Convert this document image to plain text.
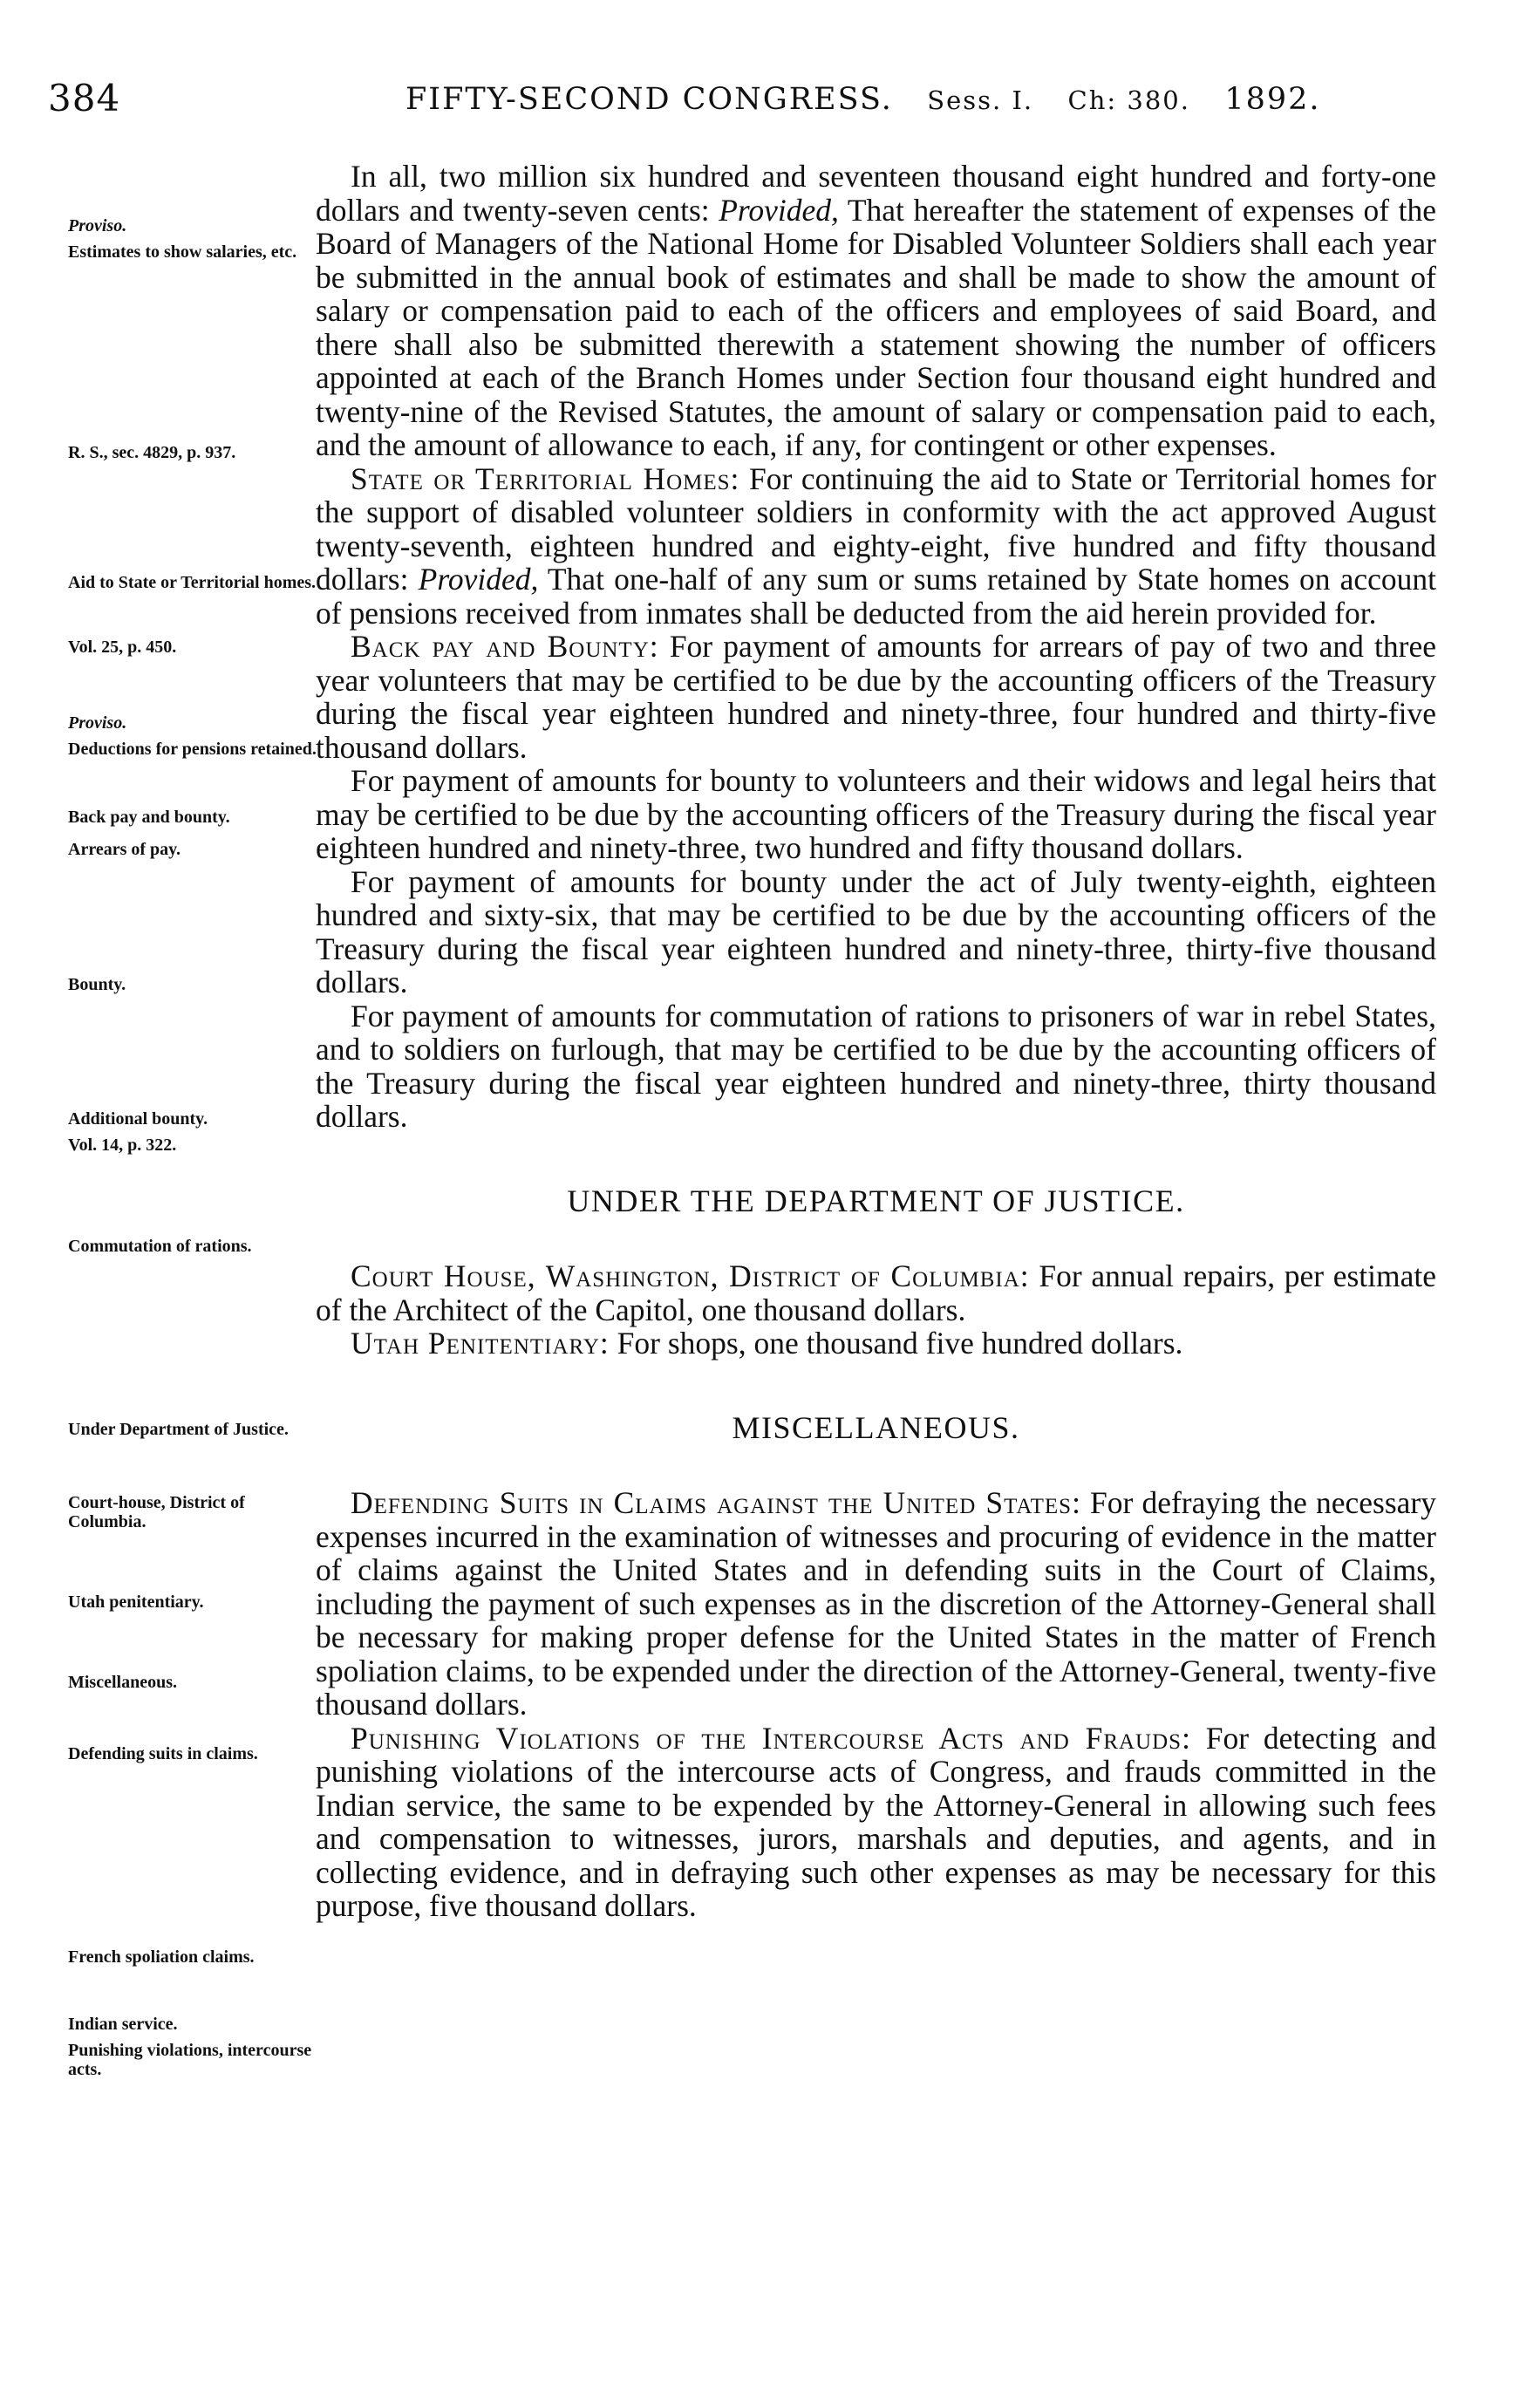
384	FIFTY-SECOND CONGRESS. Sess. I. Ch: 380. 1892.
Proviso.
Estimates to show salaries, etc.
R. S., sec. 4829, p. 937.
Aid to State or Territorial homes.
Vol. 25, p. 450.
Proviso.
Deductions for pensions retained.
Back pay and bounty.
Arrears of pay.
Bounty.
Additional bounty.
Vol. 14, p. 322.
Commutation of rations.
Under Department of Justice.
Court-house, District of Columbia.
Utah penitentiary.
Miscellaneous.
Defending suits in claims.
French spoliation claims.
Indian service.
Punishing violations, intercourse acts.

In all, two million six hundred and seventeen thousand eight hundred and forty-one dollars and twenty-seven cents: Provided, That hereafter the statement of expenses of the Board of Managers of the National Home for Disabled Volunteer Soldiers shall each year be submitted in the annual book of estimates and shall be made to show the amount of salary or compensation paid to each of the officers and employees of said Board, and there shall also be submitted therewith a statement showing the number of officers appointed at each of the Branch Homes under Section four thousand eight hundred and twenty-nine of the Revised Statutes, the amount of salary or compensation paid to each, and the amount of allowance to each, if any, for contingent or other expenses.

State or Territorial Homes: For continuing the aid to State or Territorial homes for the support of disabled volunteer soldiers in conformity with the act approved August twenty-seventh, eighteen hundred and eighty-eight, five hundred and fifty thousand dollars: Provided, That one-half of any sum or sums retained by State homes on account of pensions received from inmates shall be deducted from the aid herein provided for.

Back pay and Bounty: For payment of amounts for arrears of pay of two and three year volunteers that may be certified to be due by the accounting officers of the Treasury during the fiscal year eighteen hundred and ninety-three, four hundred and thirty-five thousand dollars.

For payment of amounts for bounty to volunteers and their widows and legal heirs that may be certified to be due by the accounting officers of the Treasury during the fiscal year eighteen hundred and ninety-three, two hundred and fifty thousand dollars.

For payment of amounts for bounty under the act of July twenty-eighth, eighteen hundred and sixty-six, that may be certified to be due by the accounting officers of the Treasury during the fiscal year eighteen hundred and ninety-three, thirty-five thousand dollars.

For payment of amounts for commutation of rations to prisoners of war in rebel States, and to soldiers on furlough, that may be certified to be due by the accounting officers of the Treasury during the fiscal year eighteen hundred and ninety-three, thirty thousand dollars.

UNDER THE DEPARTMENT OF JUSTICE.

Court House, Washington, District of Columbia: For annual repairs, per estimate of the Architect of the Capitol, one thousand dollars.

Utah Penitentiary: For shops, one thousand five hundred dollars.

MISCELLANEOUS.

Defending Suits in Claims against the United States: For defraying the necessary expenses incurred in the examination of witnesses and procuring of evidence in the matter of claims against the United States and in defending suits in the Court of Claims, including the payment of such expenses as in the discretion of the Attorney-General shall be necessary for making proper defense for the United States in the matter of French spoliation claims, to be expended under the direction of the Attorney-General, twenty-five thousand dollars.

Punishing Violations of the Intercourse Acts and Frauds: For detecting and punishing violations of the intercourse acts of Congress, and frauds committed in the Indian service, the same to be expended by the Attorney-General in allowing such fees and compensation to witnesses, jurors, marshals and deputies, and agents, and in collecting evidence, and in defraying such other expenses as may be necessary for this purpose, five thousand dollars.
